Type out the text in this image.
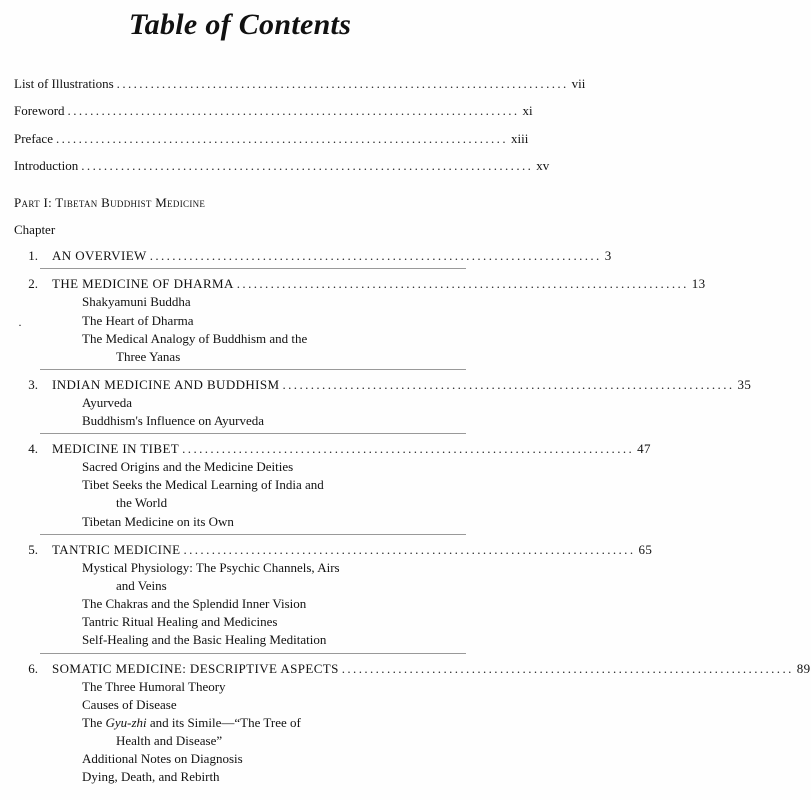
Table of Contents
List of Illustrations ................................................................................ vii
Foreword ................................................................................ xi
Preface ................................................................................ xiii
Introduction ................................................................................ xv
Part I: Tibetan Buddhist Medicine
Chapter
1. AN OVERVIEW ................................................................................ 3
2. THE MEDICINE OF DHARMA ................................................................................ 13
Shakyamuni Buddha
·	The Heart of Dharma
The Medical Analogy of Buddhism and the
Three Yanas
3. INDIAN MEDICINE AND BUDDHISM ................................................................................ 35
Ayurveda
Buddhism's Influence on Ayurveda
4. MEDICINE IN TIBET ................................................................................ 47
Sacred Origins and the Medicine Deities
Tibet Seeks the Medical Learning of India and
the World
Tibetan Medicine on its Own
5. TANTRIC MEDICINE ................................................................................ 65
Mystical Physiology: The Psychic Channels, Airs
and Veins
The Chakras and the Splendid Inner Vision
Tantric Ritual Healing and Medicines
Self-Healing and the Basic Healing Meditation
6. SOMATIC MEDICINE: DESCRIPTIVE ASPECTS ................................................................................ 89
The Three Humoral Theory
Causes of Disease
The Gyu-zhi and its Simile—“The Tree of
Health and Disease”
Additional Notes on Diagnosis
Dying, Death, and Rebirth
